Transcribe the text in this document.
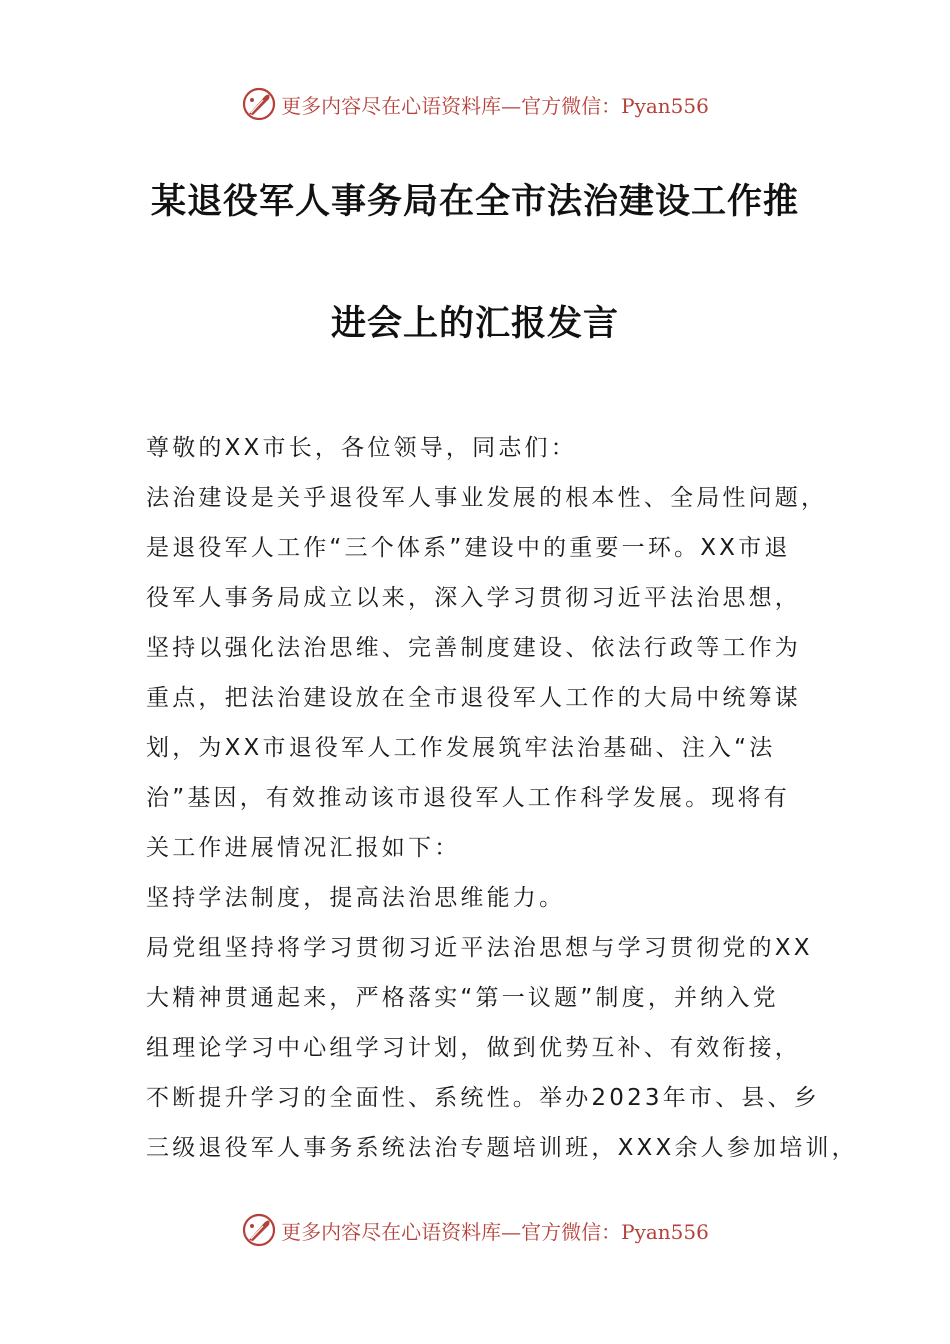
更多内容尽在心语资料库—官方微信：Pyan556
某退役军人事务局在全市法治建设工作推
进会上的汇报发言
尊敬的XX市长，各位领导，同志们：
法治建设是关乎退役军人事业发展的根本性、全局性问题，
是退役军人工作“三个体系”建设中的重要一环。XX市退
役军人事务局成立以来，深入学习贯彻习近平法治思想，
坚持以强化法治思维、完善制度建设、依法行政等工作为
重点，把法治建设放在全市退役军人工作的大局中统筹谋
划，为XX市退役军人工作发展筑牢法治基础、注入“法
治”基因，有效推动该市退役军人工作科学发展。现将有
关工作进展情况汇报如下：
坚持学法制度，提高法治思维能力。
局党组坚持将学习贯彻习近平法治思想与学习贯彻党的XX
大精神贯通起来，严格落实“第一议题”制度，并纳入党
组理论学习中心组学习计划，做到优势互补、有效衔接，
不断提升学习的全面性、系统性。举办2023年市、县、乡
三级退役军人事务系统法治专题培训班，XXX余人参加培训，
更多内容尽在心语资料库—官方微信：Pyan556
